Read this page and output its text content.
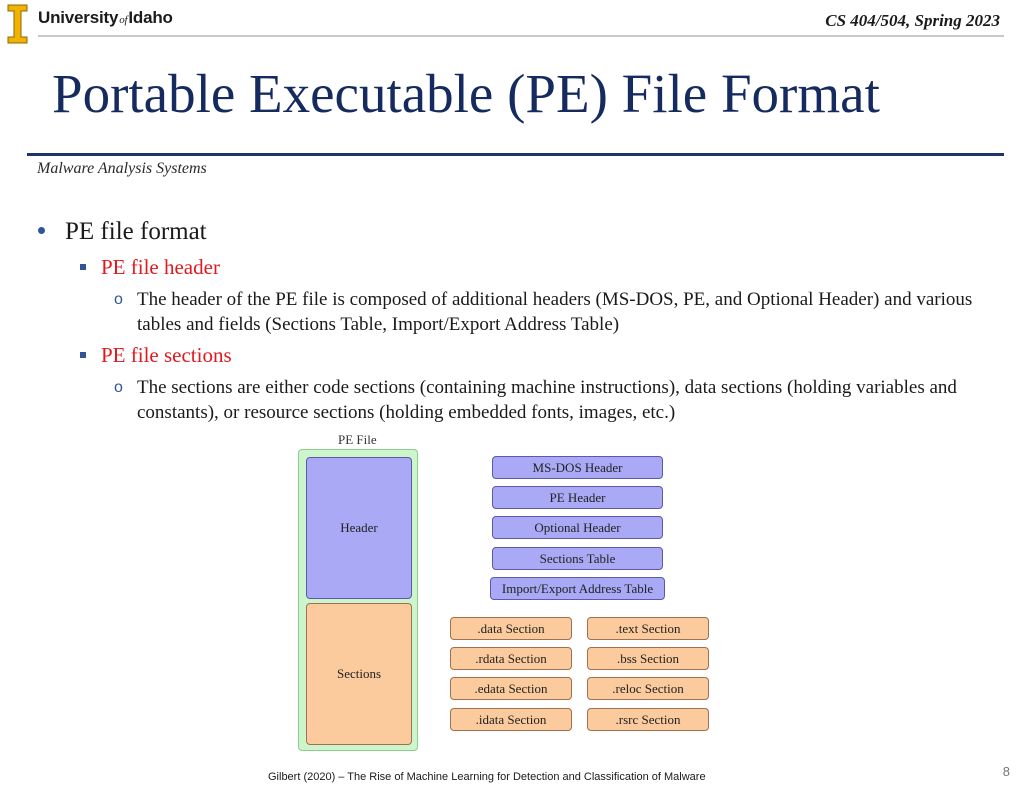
UniversityofIdaho	CS 404/504, Spring 2023
Portable Executable (PE) File Format
Malware Analysis Systems
PE file format
PE file header
o The header of the PE file is composed of additional headers (MS-DOS, PE, and Optional Header) and various tables and fields (Sections Table, Import/Export Address Table)
PE file sections
o The sections are either code sections (containing machine instructions), data sections (holding variables and constants), or resource sections (holding embedded fonts, images, etc.)
PE File
Header
Sections
MS-DOS Header
PE Header
Optional Header
Sections Table
Import/Export Address Table
.data Section
.rdata Section
.edata Section
.idata Section
.text Section
.bss Section
.reloc Section
.rsrc Section
Gilbert (2020) – The Rise of Machine Learning for Detection and Classification of Malware	8
